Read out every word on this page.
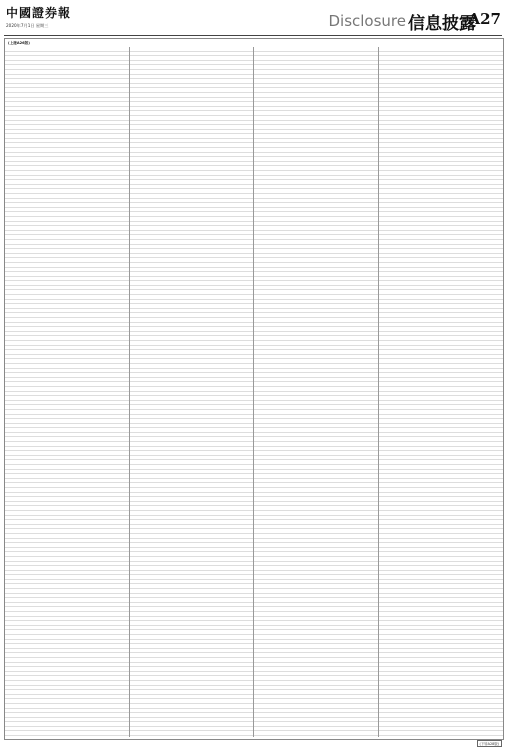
中國證券報
2020年7月1日 星期三	Disclosure 信息披露
A27
(上接A26版)
(下转A28版)
